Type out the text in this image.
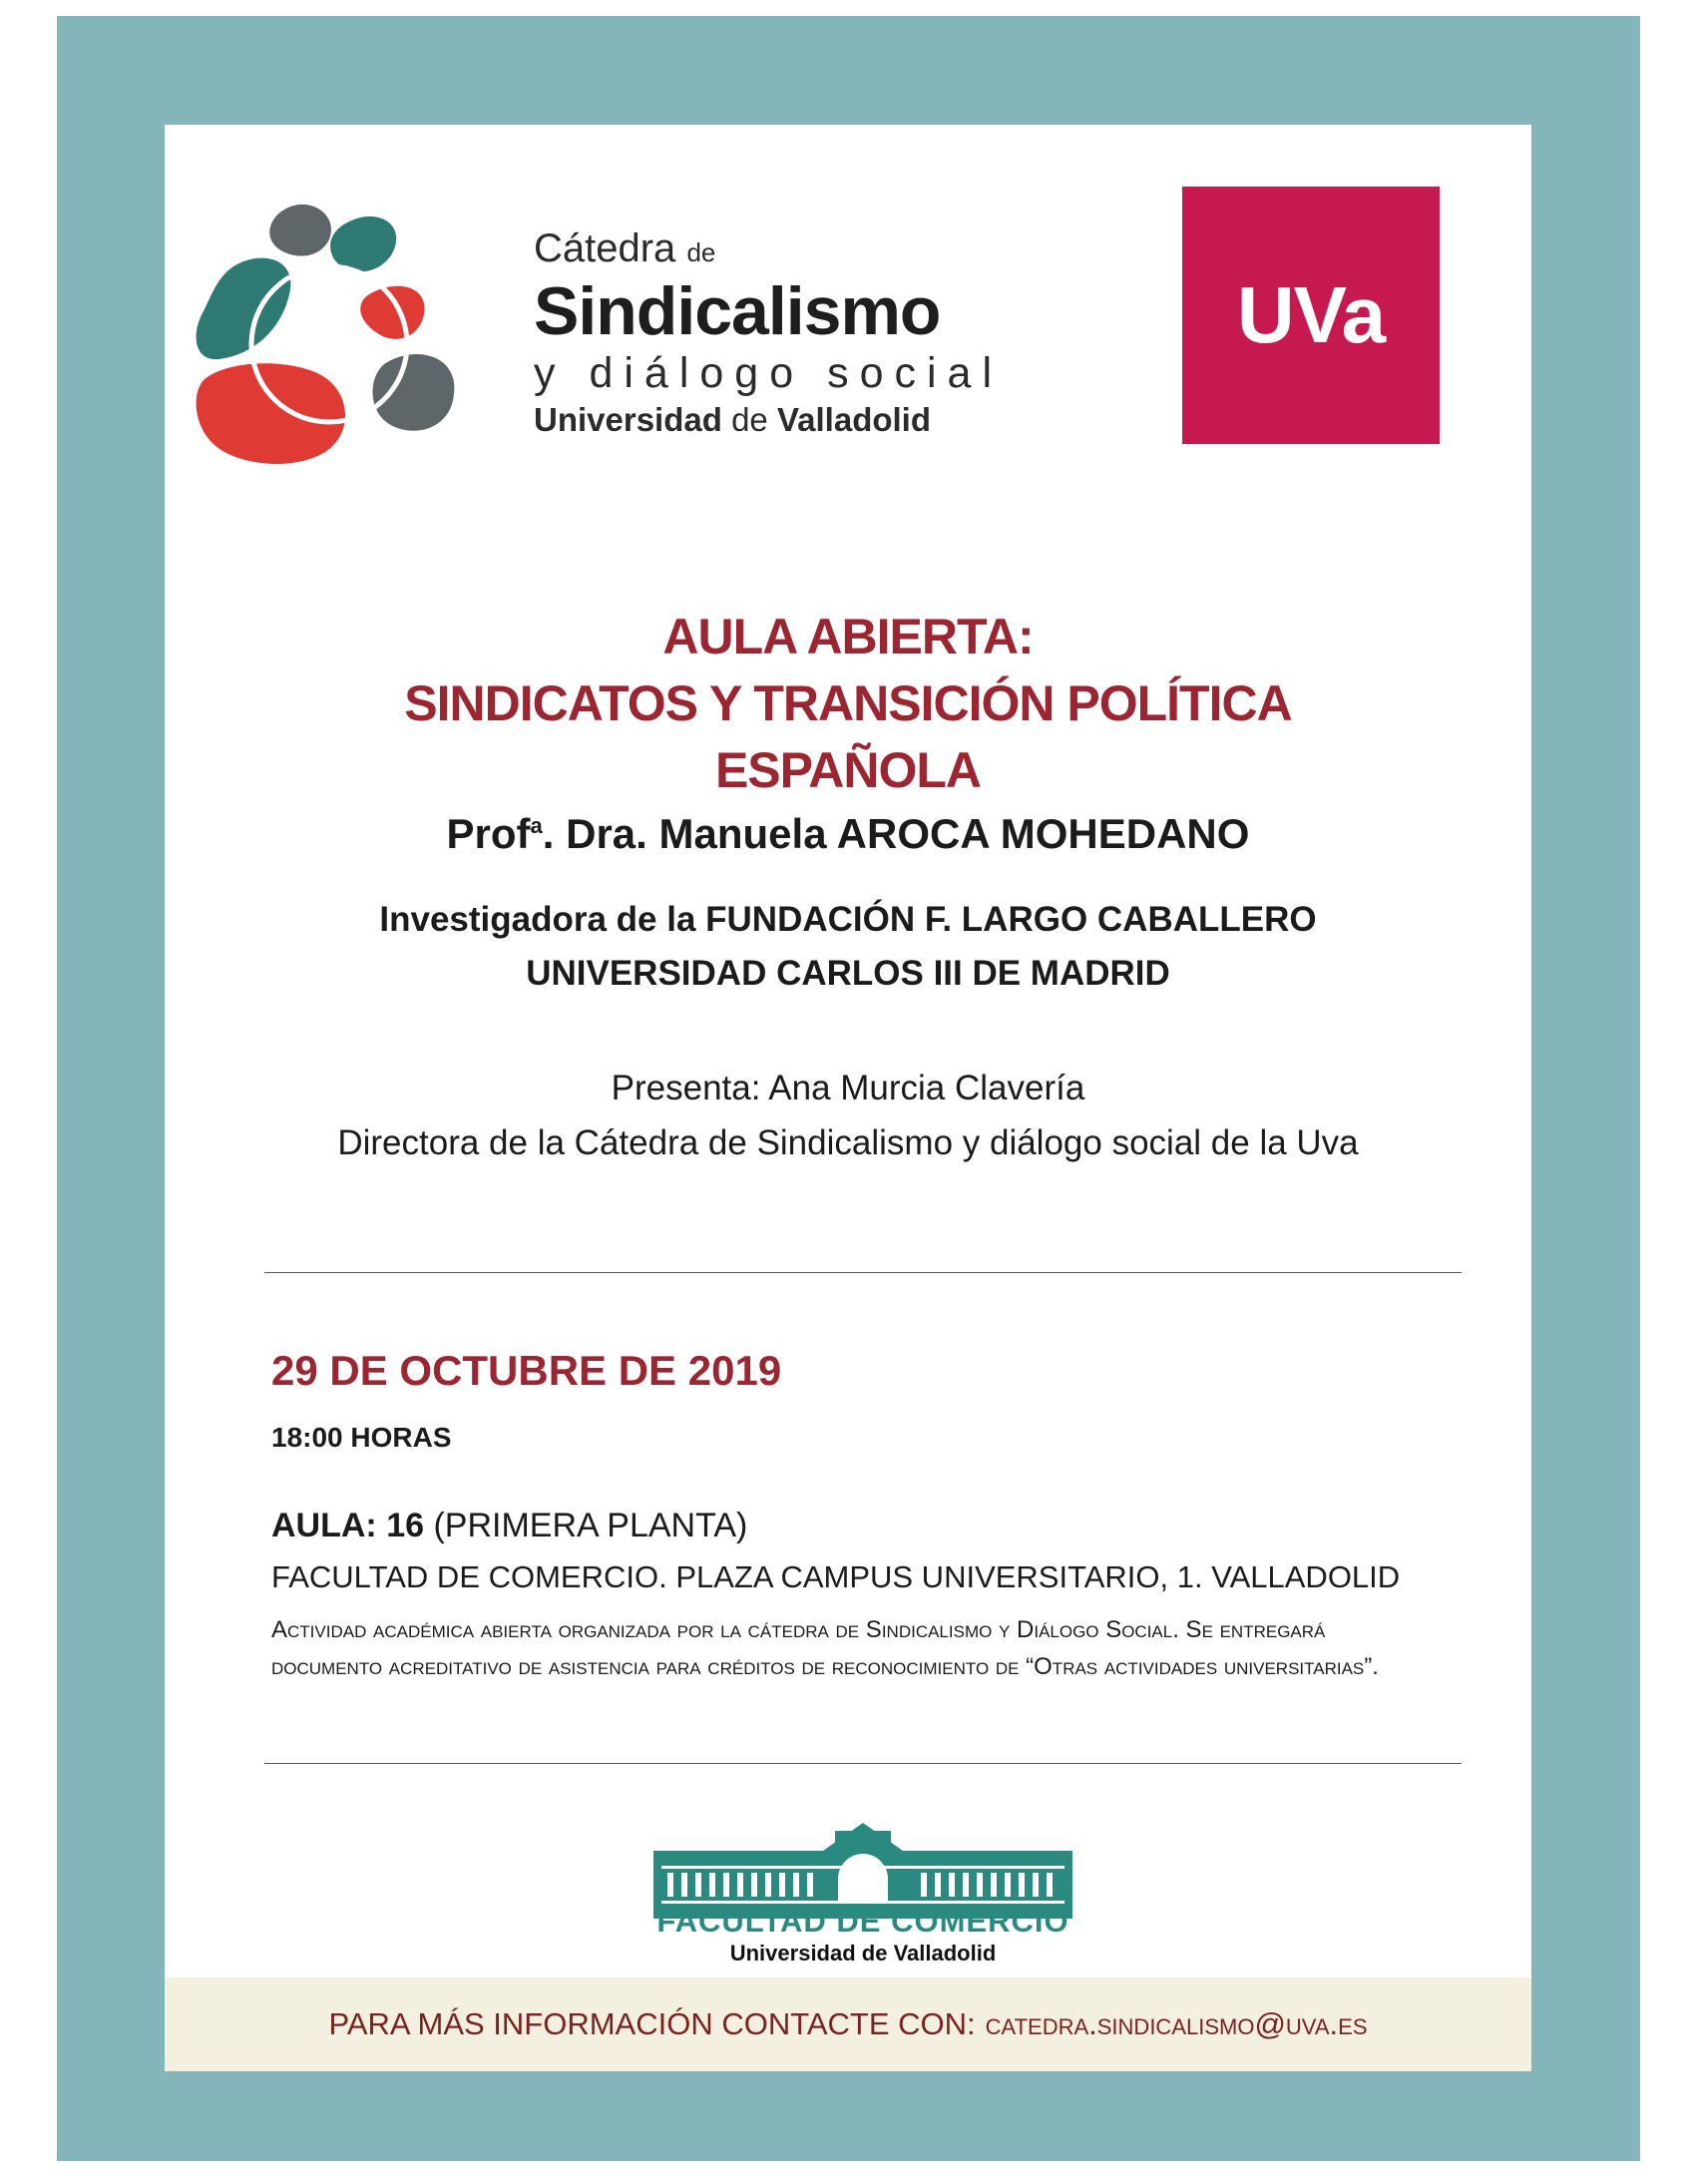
Cátedra de
Sindicalismo
y diálogo social
Universidad de Valladolid
UVa
AULA ABIERTA:
SINDICATOS Y TRANSICIÓN POLÍTICA
ESPAÑOLA
Prof$^a$. Dra. Manuela AROCA MOHEDANO
Investigadora de la FUNDACIÓN F. LARGO CABALLERO
UNIVERSIDAD CARLOS III DE MADRID
Presenta: Ana Murcia Clavería
Directora de la Cátedra de Sindicalismo y diálogo social de la Uva
29 DE OCTUBRE DE 2019
18:00 HORAS
AULA: 16 (PRIMERA PLANTA)
FACULTAD DE COMERCIO. PLAZA CAMPUS UNIVERSITARIO, 1. VALLADOLID
Actividad académica abierta organizada por la cátedra de Sindicalismo y Diálogo Social. Se entregará documento acreditativo de asistencia para créditos de reconocimiento de “Otras actividades universitarias”.
FACULTAD DE COMERCIO
Universidad de Valladolid
PARA MÁS INFORMACIÓN CONTACTE CON: catedra.sindicalismo@uva.es
